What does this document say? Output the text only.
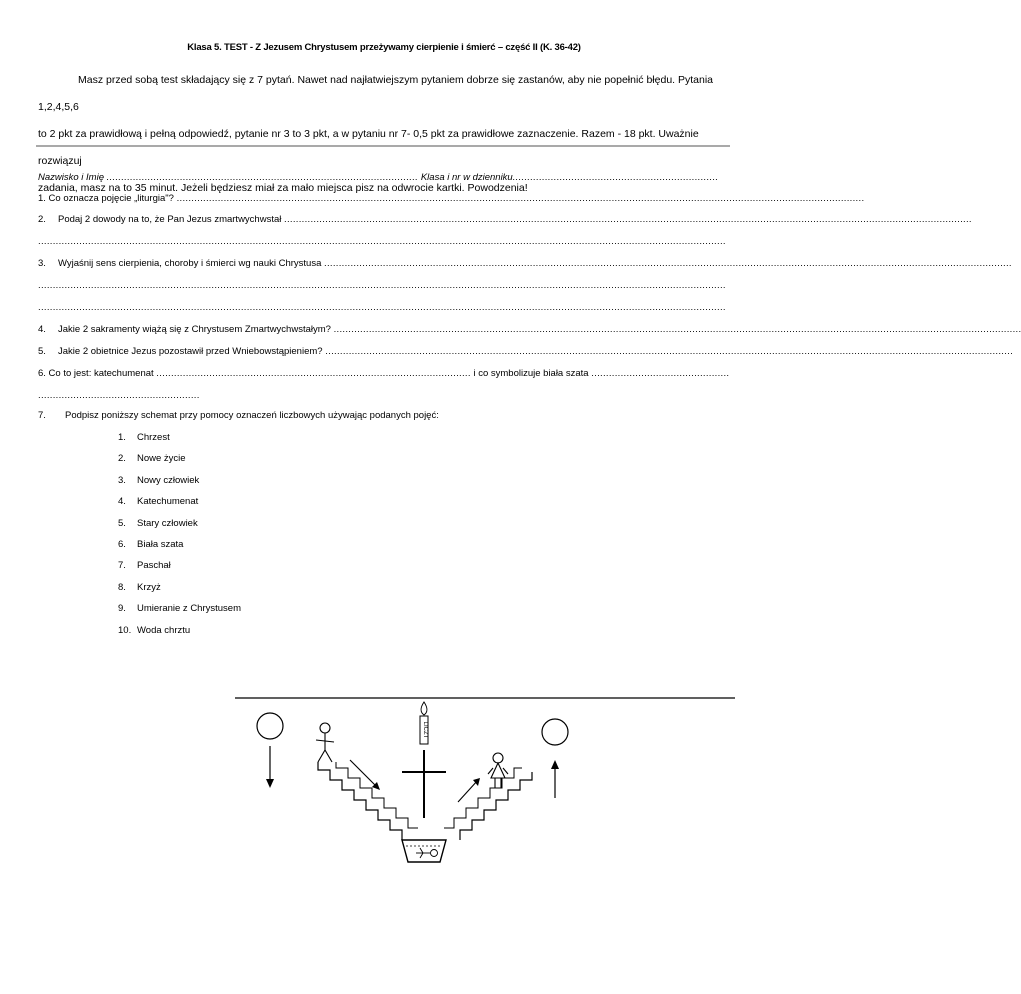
Klasa 5. TEST - Z Jezusem Chrystusem przeżywamy cierpienie i śmierć – część II (K. 36-42)

Masz przed sobą test składający się z 7 pytań. Nawet nad najłatwiejszym pytaniem dobrze się zastanów, aby nie popełnić błędu. Pytania 1,2,4,5,6

to 2 pkt za prawidłową i pełną odpowiedź, pytanie nr 3 to 3 pkt, a w pytaniu nr 7- 0,5 pkt za prawidłowe zaznaczenie. Razem - 18 pkt. Uważnie rozwiązuj

zadania, masz na to 35 minut. Jeżeli będziesz miał za mało miejsca pisz na odwrocie kartki. Powodzenia!

Nazwisko i Imię .......................................................................................................... Klasa i nr w dzienniku......................................................................
1. Co oznacza pojęcie „liturgia"? ..........................................................................................................................................................................................................................................
2. Podaj 2 dowody na to, że Pan Jezus zmartwychwstał ..........................................................................................................................................................................................................................................
..........................................................................................................................................................................................................................................
3. Wyjaśnij sens cierpienia, choroby i śmierci wg nauki Chrystusa ..........................................................................................................................................................................................................................................
..........................................................................................................................................................................................................................................
..........................................................................................................................................................................................................................................
4. Jakie 2 sakramenty wiążą się z Chrystusem Zmartwychwstałym? ..........................................................................................................................................................................................................................................
5. Jakie 2 obietnice Jezus pozostawił przed Wniebowstąpieniem? ..........................................................................................................................................................................................................................................
6. Co to jest: katechumenat ........................................................................................................... i co symbolizuje biała szata ...............................................
.......................................................
7. Podpisz poniższy schemat przy pomocy oznaczeń liczbowych używając podanych pojęć:
1. Chrzest
2. Nowe życie
3. Nowy człowiek
4. Katechumenat
5. Stary człowiek
6. Biała szata
7. Paschał
8. Krzyż
9. Umieranie z Chrystusem
10. Woda chrztu
LICZT
